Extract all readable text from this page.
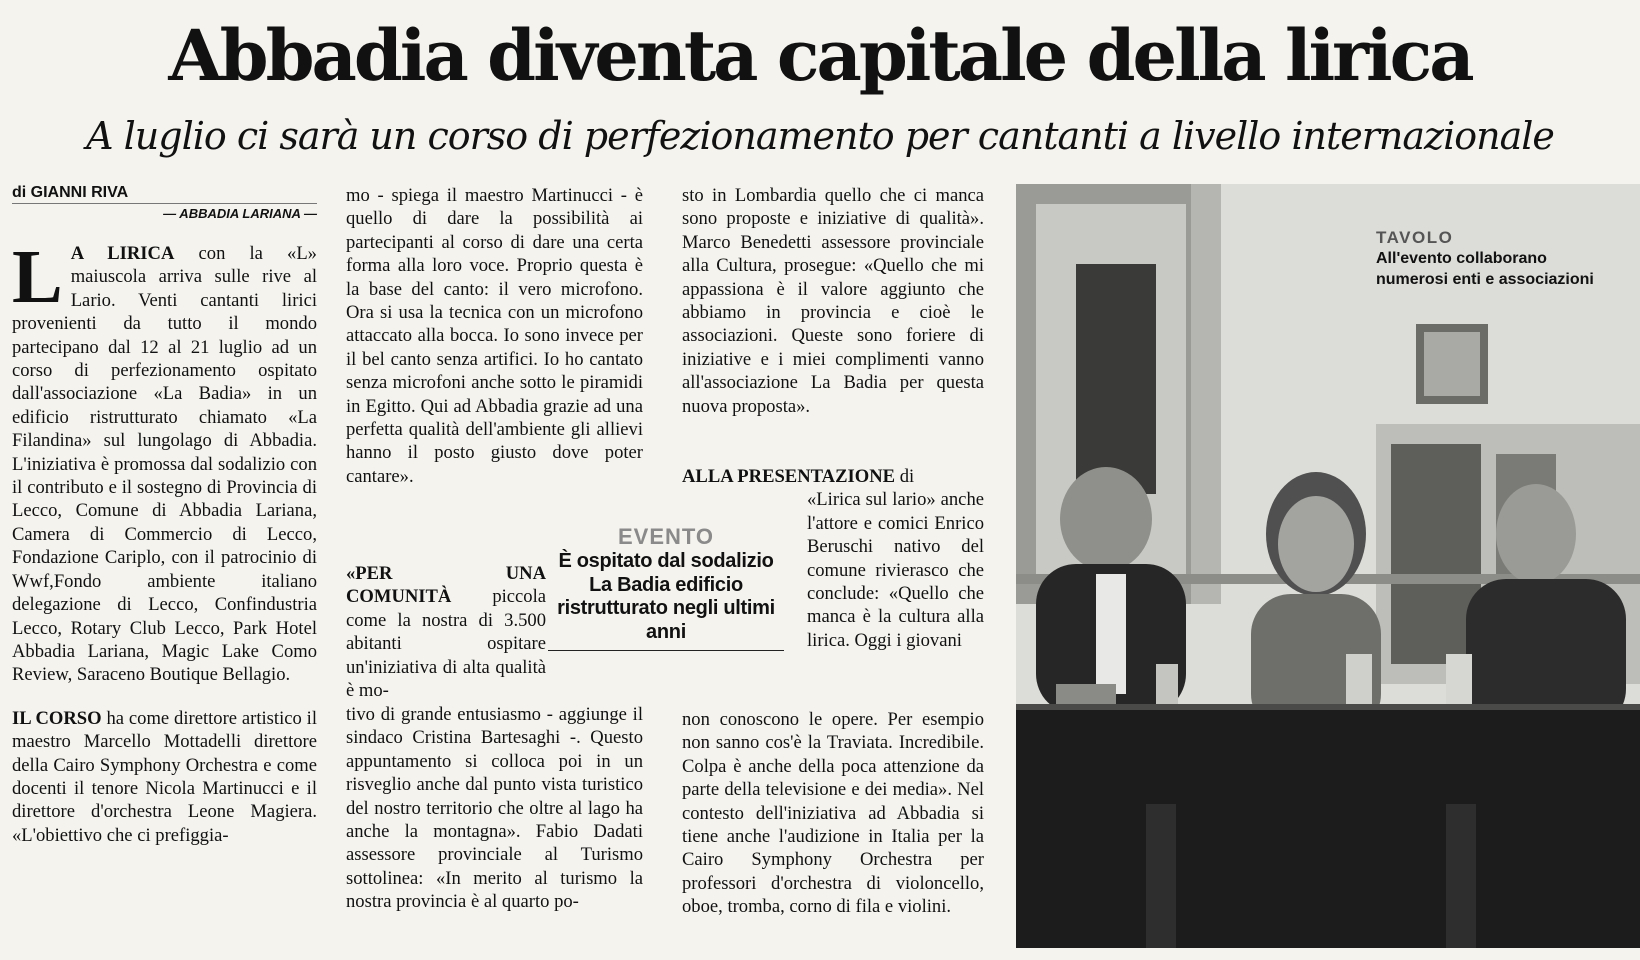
Abbadia diventa capitale della lirica
A luglio ci sarà un corso di perfezionamento per cantanti a livello internazionale
di GIANNI RIVA
— ABBADIA LARIANA —

L A LIRICA con la «L» maiuscola arriva sulle rive al Lario. Venti cantanti lirici provenienti da tutto il mondo partecipano dal 12 al 21 luglio ad un corso di perfezionamento ospitato dall'associazione «La Badia» in un edificio ristrutturato chiamato «La Filandina» sul lungolago di Abbadia. L'iniziativa è promossa dal sodalizio con il contributo e il sostegno di Provincia di Lecco, Comune di Abbadia Lariana, Camera di Commercio di Lecco, Fondazione Cariplo, con il patrocinio di Wwf,Fondo ambiente italiano delegazione di Lecco, Confindustria Lecco, Rotary Club Lecco, Park Hotel Abbadia Lariana, Magic Lake Como Review, Saraceno Boutique Bellagio.

IL CORSO ha come direttore artistico il maestro Marcello Mottadelli direttore della Cairo Symphony Orchestra e come docenti il tenore Nicola Martinucci e il direttore d'orchestra Leone Magiera. «L'obiettivo che ci prefiggia-

mo - spiega il maestro Martinucci - è quello di dare la possibilità ai partecipanti al corso di dare una certa forma alla loro voce. Proprio questa è la base del canto: il vero microfono. Ora si usa la tecnica con un microfono attaccato alla bocca. Io sono invece per il bel canto senza artifici. Io ho cantato senza microfoni anche sotto le piramidi in Egitto. Qui ad Abbadia grazie ad una perfetta qualità dell'ambiente gli allievi hanno il posto giusto dove poter cantare».

«PER UNA COMUNITÀ piccola come la nostra di 3.500 abitanti ospitare un'iniziativa di alta qualità è mo-
tivo di grande entusiasmo - aggiunge il sindaco Cristina Bartesaghi -. Questo appuntamento si colloca poi in un risveglio anche dal punto vista turistico del nostro territorio che oltre al lago ha anche la montagna». Fabio Dadati assessore provinciale al Turismo sottolinea: «In merito al turismo la nostra provincia è al quarto po-
EVENTO
È ospitato dal sodalizio La Badia edificio ristrutturato negli ultimi anni

sto in Lombardia quello che ci manca sono proposte e iniziative di qualità». Marco Benedetti assessore provinciale alla Cultura, prosegue: «Quello che mi appassiona è il valore aggiunto che abbiamo in provincia e cioè le associazioni. Queste sono foriere di iniziative e i miei complimenti vanno all'associazione La Badia per questa nuova proposta».

ALLA PRESENTAZIONE di
«Lirica sul lario» anche l'attore e comici Enrico Beruschi nativo del comune rivierasco che conclude: «Quello che manca è la cultura alla lirica. Oggi i giovani
non conoscono le opere. Per esempio non sanno cos'è la Traviata. Incredibile. Colpa è anche della poca attenzione da parte della televisione e dei media». Nel contesto dell'iniziativa ad Abbadia si tiene anche l'audizione in Italia per la Cairo Symphony Orchestra per professori d'orchestra di violoncello, oboe, tromba, corno di fila e violini.
TAVOLO
All'evento collaborano numerosi enti e associazioni
